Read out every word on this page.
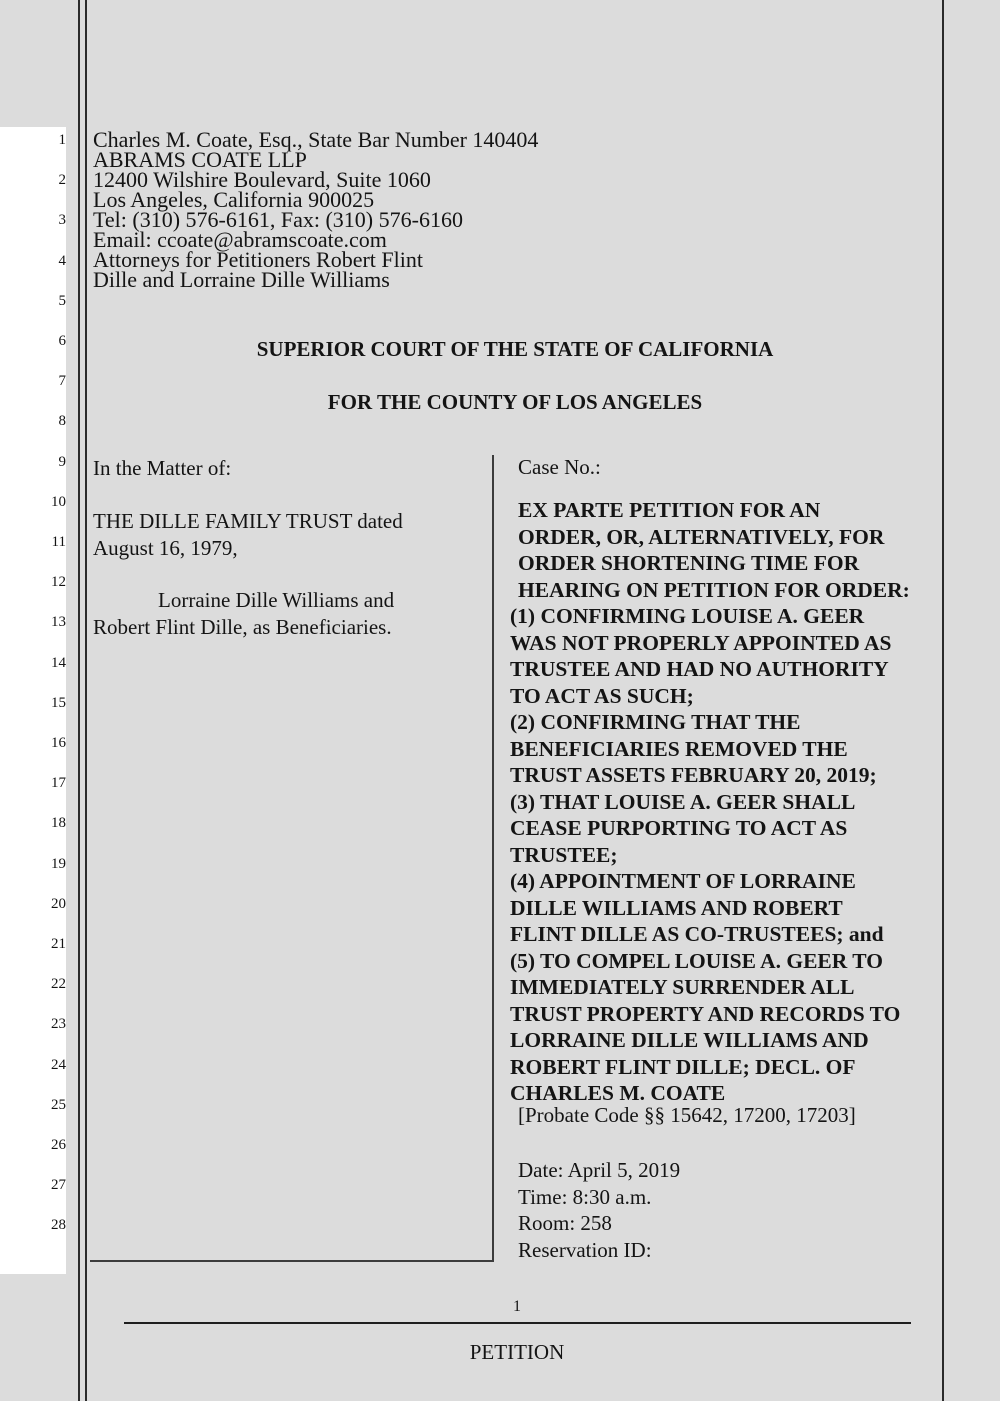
1
2
3
4
5
6
7
8
9
10
11
12
13
14
15
16
17
18
19
20
21
22
23
24
25
26
27
28
Charles M. Coate, Esq., State Bar Number 140404
ABRAMS COATE LLP
12400 Wilshire Boulevard, Suite 1060
Los Angeles, California 900025
Tel: (310) 576-6161, Fax: (310) 576-6160
Email: ccoate@abramscoate.com
Attorneys for Petitioners Robert Flint
Dille and Lorraine Dille Williams
SUPERIOR COURT OF THE STATE OF CALIFORNIA
FOR THE COUNTY OF LOS ANGELES
In the Matter of:
THE DILLE FAMILY TRUST dated
August 16, 1979,
Lorraine Dille Williams and
Robert Flint Dille, as Beneficiaries.
Case No.:
EX PARTE PETITION FOR AN
ORDER, OR, ALTERNATIVELY, FOR
ORDER SHORTENING TIME FOR
HEARING ON PETITION FOR ORDER:
(1) CONFIRMING LOUISE A. GEER
WAS NOT PROPERLY APPOINTED AS
TRUSTEE AND HAD NO AUTHORITY
TO ACT AS SUCH;
(2) CONFIRMING THAT THE
BENEFICIARIES REMOVED THE
TRUST ASSETS FEBRUARY 20, 2019;
(3) THAT LOUISE A. GEER SHALL
CEASE PURPORTING TO ACT AS
TRUSTEE;
(4) APPOINTMENT OF LORRAINE
DILLE WILLIAMS AND ROBERT
FLINT DILLE AS CO-TRUSTEES; and
(5) TO COMPEL LOUISE A. GEER TO
IMMEDIATELY SURRENDER ALL
TRUST PROPERTY AND RECORDS TO
LORRAINE DILLE WILLIAMS AND
ROBERT FLINT DILLE; DECL. OF
CHARLES M. COATE
[Probate Code §§ 15642, 17200, 17203]
Date: April 5, 2019
Time: 8:30 a.m.
Room: 258
Reservation ID:
1
PETITION
